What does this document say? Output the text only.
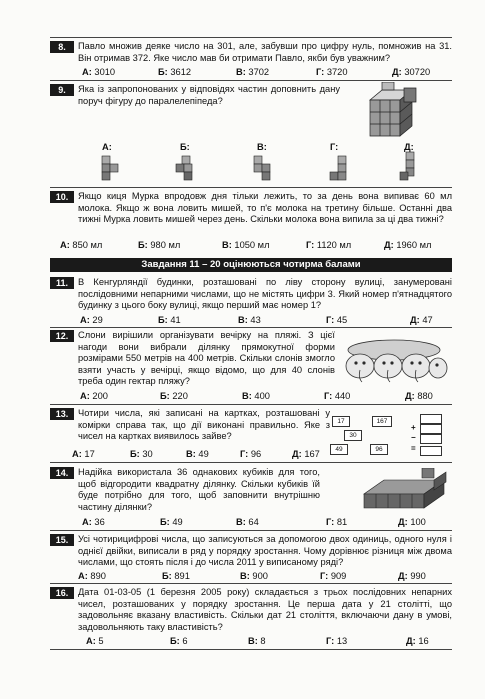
8.	Павло множив деяке число на 301, але, забувши про цифру нуль, помножив на 31. Він отримав 372. Яке число мав би отримати Павло, якби був уважним?
А: 3010	Б: 3612	В: 3702	Г: 3720	Д: 30720
9.	Яка із запропонованих у відповідях частин доповнить дану поруч фігуру до паралелепіпеда?
А:	Б:	В:	Г:	Д:
10.	Якщо киця Мурка впродовж дня тільки лежить, то за день вона випиває 60 мл молока. Якщо ж вона ловить мишей, то п'є молока на третину більше. Останні два тижні Мурка ловить мишей через день. Скільки молока вона випила за ці два тижні?
А: 850 мл	Б: 980 мл	В: 1050 мл	Г: 1120 мл	Д: 1960 мл
Завдання 11 – 20 оцінюються чотирма балами
11.	В Кенгурляндії будинки, розташовані по ліву сторону вулиці, занумеровані послідовними непарними числами, що не містять цифри 3. Який номер п'ятнадцятого будинку з цього боку вулиці, якщо перший має номер 1?
А: 29	Б: 41	В: 43	Г: 45	Д: 47
12.	Слони вирішили організувати вечірку на пляжі. З цієї нагоди вони вибрали ділянку прямокутної форми розмірами 550 метрів на 400 метрів. Скільки слонів змогло взяти участь у вечірці, якщо відомо, що для 40 слонів треба один гектар пляжу?
А: 200	Б: 220	В: 400	Г: 440	Д: 880
13.	Чотири числа, які записані на картках, розташовані у комірки справа так, що дії виконані правильно. Яке з чисел на картках виявилось зайве?
17	167
30
49	96
+
−
=
А: 17	Б: 30	В: 49	Г: 96	Д: 167
14.	Надійка використала 36 однакових кубиків для того, щоб відгородити квадратну ділянку. Скільки кубиків їй буде потрібно для того, щоб заповнити внутрішню частину ділянки?
А: 36	Б: 49	В: 64	Г: 81	Д: 100
15.	Усі чотирицифрові числа, що записуються за допомогою двох одиниць, одного нуля і однієї двійки, виписали в ряд у порядку зростання. Чому дорівнює різниця між двома числами, що стоять після і до числа 2011 у виписаному ряді?
А: 890	Б: 891	В: 900	Г: 909	Д: 990
16.	Дата 01-03-05 (1 березня 2005 року) складається з трьох послідовних непарних чисел, розташованих у порядку зростання. Це перша дата у 21 столітті, що задовольняє вказану властивість. Скільки дат 21 століття, включаючи дану в умові, задовольняють таку властивість?
А: 5	Б: 6	В: 8	Г: 13	Д: 16
